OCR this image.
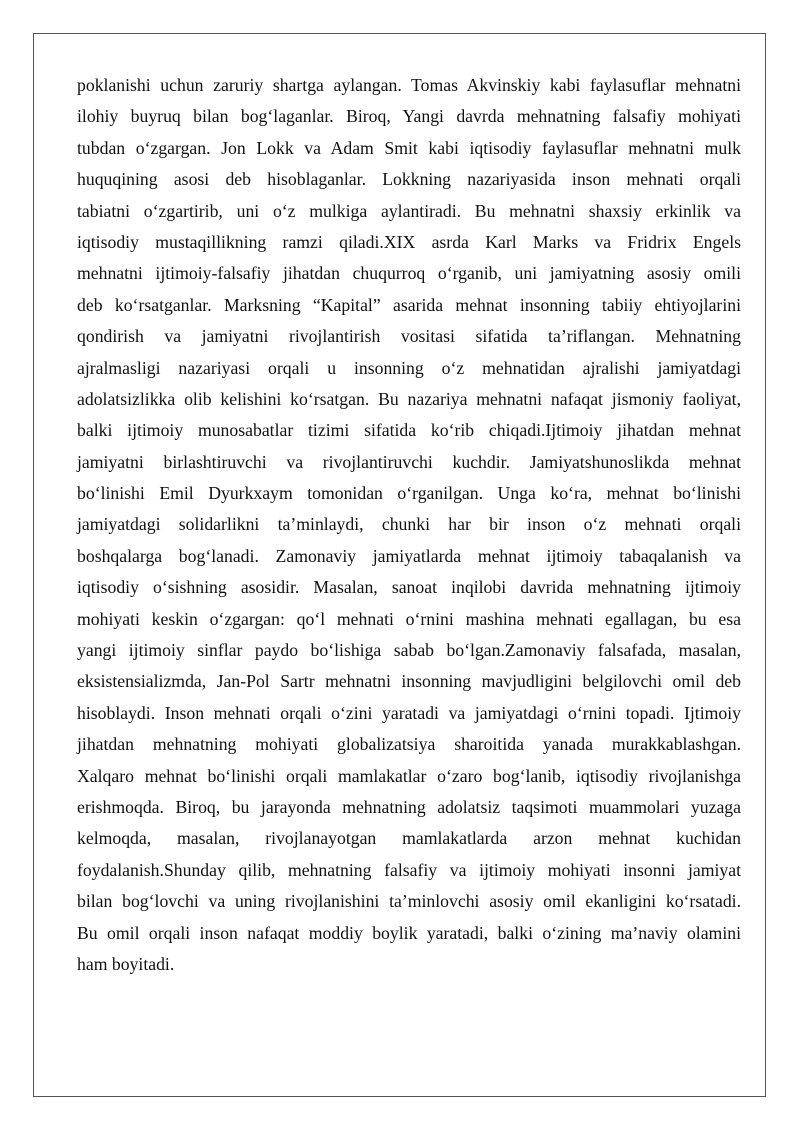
poklanishi uchun zaruriy shartga aylangan. Tomas Akvinskiy kabi faylasuflar mehnatni
ilohiy buyruq bilan bog‘laganlar. Biroq, Yangi davrda mehnatning falsafiy mohiyati
tubdan o‘zgargan. Jon Lokk va Adam Smit kabi iqtisodiy faylasuflar mehnatni mulk
huquqining asosi deb hisoblaganlar. Lokkning nazariyasida inson mehnati orqali
tabiatni o‘zgartirib, uni o‘z mulkiga aylantiradi. Bu mehnatni shaxsiy erkinlik va
iqtisodiy mustaqillikning ramzi qiladi.XIX asrda Karl Marks va Fridrix Engels
mehnatni ijtimoiy-falsafiy jihatdan chuqurroq o‘rganib, uni jamiyatning asosiy omili
deb ko‘rsatganlar. Marksning “Kapital” asarida mehnat insonning tabiiy ehtiyojlarini
qondirish va jamiyatni rivojlantirish vositasi sifatida ta’riflangan. Mehnatning
ajralmasligi nazariyasi orqali u insonning o‘z mehnatidan ajralishi jamiyatdagi
adolatsizlikka olib kelishini ko‘rsatgan. Bu nazariya mehnatni nafaqat jismoniy faoliyat,
balki ijtimoiy munosabatlar tizimi sifatida ko‘rib chiqadi.Ijtimoiy jihatdan mehnat
jamiyatni birlashtiruvchi va rivojlantiruvchi kuchdir. Jamiyatshunoslikda mehnat
bo‘linishi Emil Dyurkxaym tomonidan o‘rganilgan. Unga ko‘ra, mehnat bo‘linishi
jamiyatdagi solidarlikni ta’minlaydi, chunki har bir inson o‘z mehnati orqali
boshqalarga bog‘lanadi. Zamonaviy jamiyatlarda mehnat ijtimoiy tabaqalanish va
iqtisodiy o‘sishning asosidir. Masalan, sanoat inqilobi davrida mehnatning ijtimoiy
mohiyati keskin o‘zgargan: qo‘l mehnati o‘rnini mashina mehnati egallagan, bu esa
yangi ijtimoiy sinflar paydo bo‘lishiga sabab bo‘lgan.Zamonaviy falsafada, masalan,
eksistensializmda, Jan-Pol Sartr mehnatni insonning mavjudligini belgilovchi omil deb
hisoblaydi. Inson mehnati orqali o‘zini yaratadi va jamiyatdagi o‘rnini topadi. Ijtimoiy
jihatdan mehnatning mohiyati globalizatsiya sharoitida yanada murakkablashgan.
Xalqaro mehnat bo‘linishi orqali mamlakatlar o‘zaro bog‘lanib, iqtisodiy rivojlanishga
erishmoqda. Biroq, bu jarayonda mehnatning adolatsiz taqsimoti muammolari yuzaga
kelmoqda, masalan, rivojlanayotgan mamlakatlarda arzon mehnat kuchidan
foydalanish.Shunday qilib, mehnatning falsafiy va ijtimoiy mohiyati insonni jamiyat
bilan bog‘lovchi va uning rivojlanishini ta’minlovchi asosiy omil ekanligini ko‘rsatadi.
Bu omil orqali inson nafaqat moddiy boylik yaratadi, balki o‘zining ma’naviy olamini
ham boyitadi.
